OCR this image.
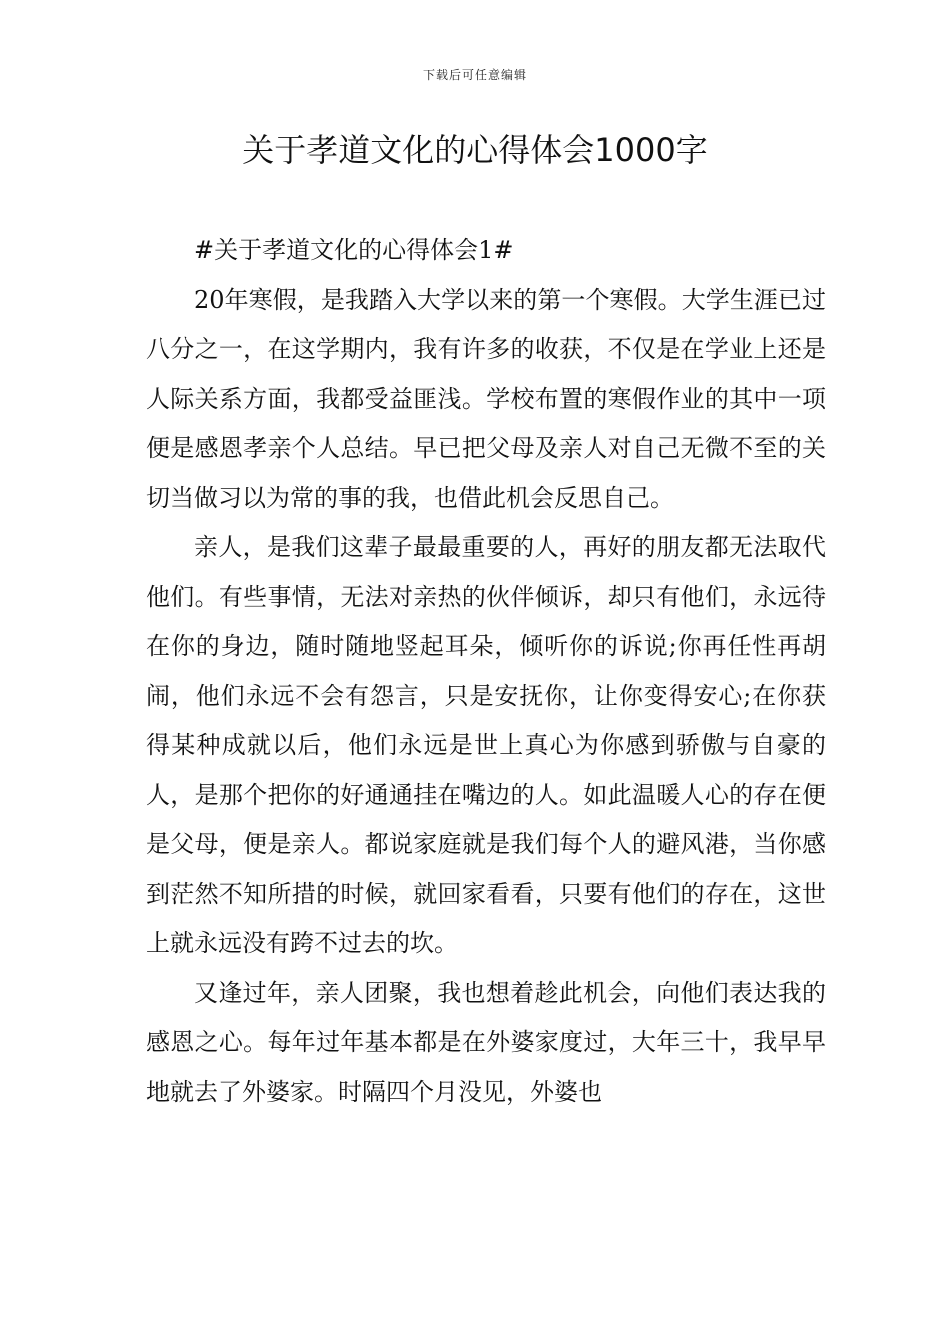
下载后可任意编辑
关于孝道文化的心得体会1000字

#关于孝道文化的心得体会1#

20年寒假，是我踏入大学以来的第一个寒假。大学生涯已过八分之一，在这学期内，我有许多的收获，不仅是在学业上还是人际关系方面，我都受益匪浅。学校布置的寒假作业的其中一项便是感恩孝亲个人总结。早已把父母及亲人对自己无微不至的关切当做习以为常的事的我，也借此机会反思自己。

亲人，是我们这辈子最最重要的人，再好的朋友都无法取代他们。有些事情，无法对亲热的伙伴倾诉，却只有他们，永远待在你的身边，随时随地竖起耳朵，倾听你的诉说;你再任性再胡闹，他们永远不会有怨言，只是安抚你，让你变得安心;在你获得某种成就以后，他们永远是世上真心为你感到骄傲与自豪的人，是那个把你的好通通挂在嘴边的人。如此温暖人心的存在便是父母，便是亲人。都说家庭就是我们每个人的避风港，当你感到茫然不知所措的时候，就回家看看，只要有他们的存在，这世上就永远没有跨不过去的坎。

又逢过年，亲人团聚，我也想着趁此机会，向他们表达我的感恩之心。每年过年基本都是在外婆家度过，大年三十，我早早地就去了外婆家。时隔四个月没见，外婆也
